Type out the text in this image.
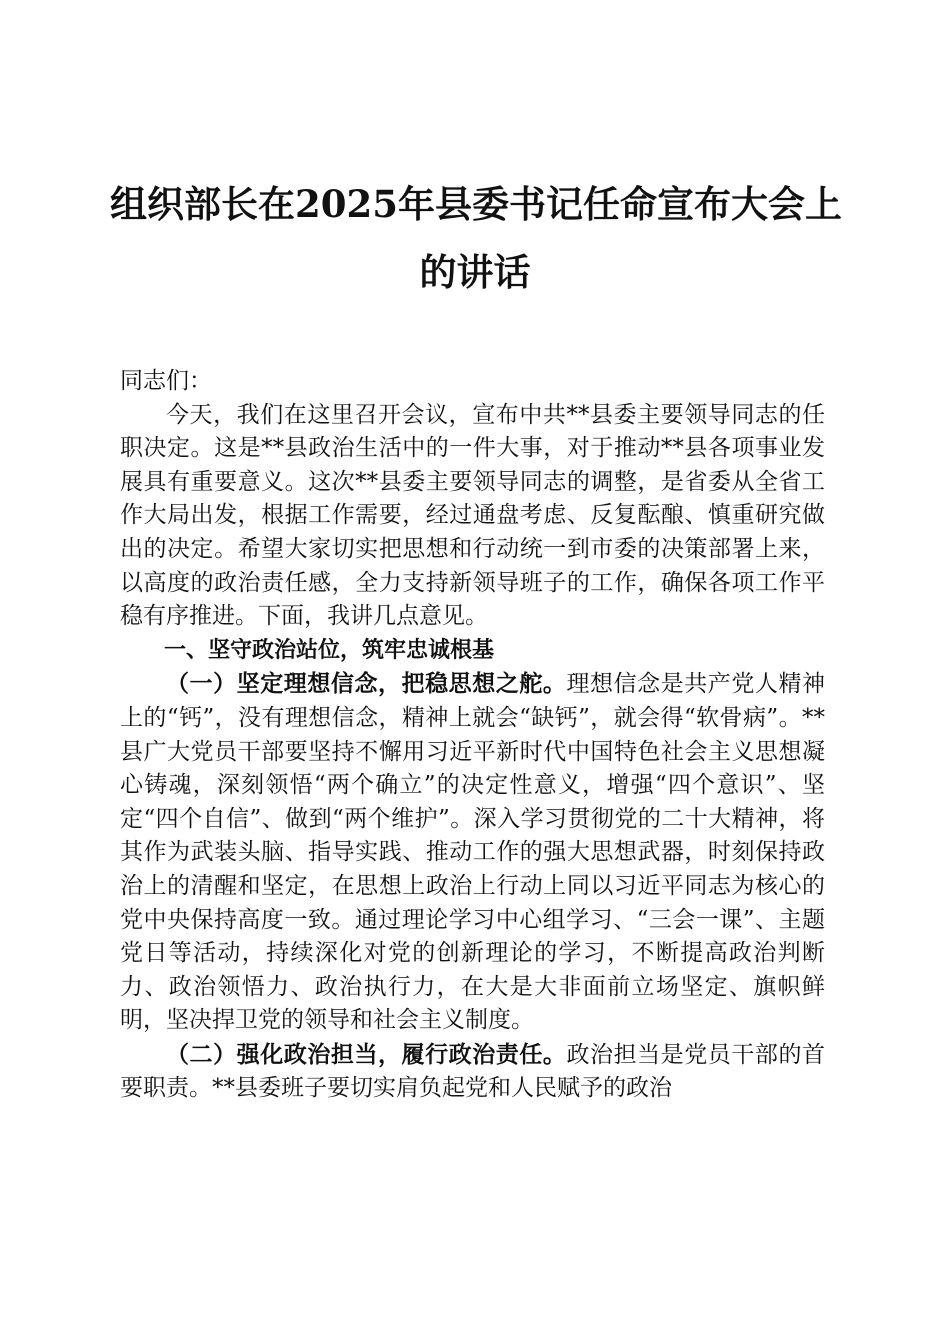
组织部长在2025年县委书记任命宣布大会上
的讲话

同志们：

今天，我们在这里召开会议，宣布中共**县委主要领导同志的任职决定。这是**县政治生活中的一件大事，对于推动**县各项事业发展具有重要意义。这次**县委主要领导同志的调整，是省委从全省工作大局出发，根据工作需要，经过通盘考虑、反复酝酿、慎重研究做出的决定。希望大家切实把思想和行动统一到市委的决策部署上来，以高度的政治责任感，全力支持新领导班子的工作，确保各项工作平稳有序推进。下面，我讲几点意见。

一、坚守政治站位，筑牢忠诚根基

（一）坚定理想信念，把稳思想之舵。理想信念是共产党人精神上的“钙”，没有理想信念，精神上就会“缺钙”，就会得“软骨病”。**县广大党员干部要坚持不懈用习近平新时代中国特色社会主义思想凝心铸魂，深刻领悟“两个确立”的决定性意义，增强“四个意识”、坚定“四个自信”、做到“两个维护”。深入学习贯彻党的二十大精神，将其作为武装头脑、指导实践、推动工作的强大思想武器，时刻保持政治上的清醒和坚定，在思想上政治上行动上同以习近平同志为核心的党中央保持高度一致。通过理论学习中心组学习、“三会一课”、主题党日等活动，持续深化对党的创新理论的学习，不断提高政治判断力、政治领悟力、政治执行力，在大是大非面前立场坚定、旗帜鲜明，坚决捍卫党的领导和社会主义制度。

（二）强化政治担当，履行政治责任。政治担当是党员干部的首要职责。**县委班子要切实肩负起党和人民赋予的政治
